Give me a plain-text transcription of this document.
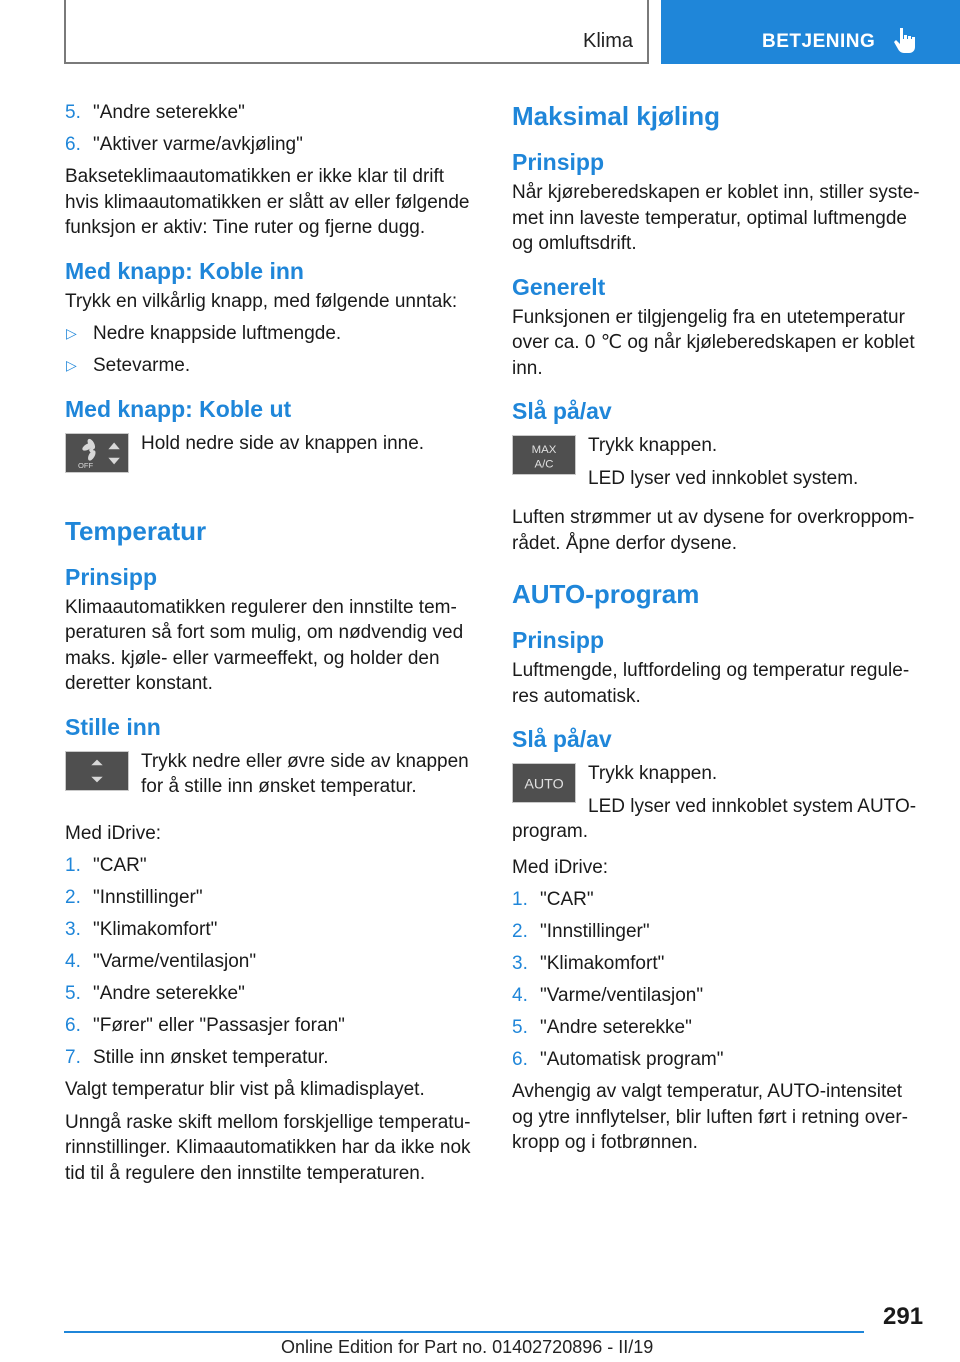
Klima	BETJENING
5. "Andre seterekke"
6. "Aktiver varme/avkjøling"

Baksetеklimaautomatikken er ikke klar til drift hvis klimaautomatikken er slått av eller følgende funksjon er aktiv: Tine ruter og fjerne dugg.

Med knapp: Koble inn

Trykk en vilkårlig knapp, med følgende unntak:

▷ Nedre knappside luftmengde.
▷ Setevarme.
Med knapp: Koble ut
OFF

Hold nedre side av knappen inne.

Temperatur
Prinsipp

Klimaautomatikken regulerer den innstilte temperaturen så fort som mulig, om nødvendig ved maks. kjøle- eller varmeeffekt, og holder den deretter konstant.

Stille inn

Trykk nedre eller øvre side av knappen for å stille inn ønsket temperatur.

Med iDrive:

1. "CAR"
2. "Innstillinger"
3. "Klimakomfort"
4. "Varme/ventilasjon"
5. "Andre seterekke"
6. "Fører" eller "Passasjer foran"
7. Stille inn ønsket temperatur.

Valgt temperatur blir vist på klimadisplayet.

Unngå raske skift mellom forskjellige temperaturinnstillinger. Klimaautomatikken har da ikke nok tid til å regulere den innstilte temperaturen.

Maksimal kjøling
Prinsipp

Når kjøreberedskapen er koblet inn, stiller systemet inn laveste temperatur, optimal luftmengde og omluftsdrift.

Generelt

Funksjonen er tilgjengelig fra en utetemperatur over ca. 0 ℃ og når kjøleberedskapen er koblet inn.

Slå på/av
MAX
A/C

Trykk knappen.

LED lyser ved innkoblet system.

Luften strømmer ut av dysene for overkroppområdet. Åpne derfor dysene.

AUTO-program
Prinsipp

Luftmengde, luftfordeling og temperatur reguleres automatisk.

Slå på/av
AUTO

Trykk knappen.

LED lyser ved innkoblet system AUTO-program.

Med iDrive:

1. "CAR"
2. "Innstillinger"
3. "Klimakomfort"
4. "Varme/ventilasjon"
5. "Andre seterekke"
6. "Automatisk program"

Avhengig av valgt temperatur, AUTO-intensitet og ytre innflytelser, blir luften ført i retning overkropp og i fotbrønnen.

291
Online Edition for Part no. 01402720896 - II/19
